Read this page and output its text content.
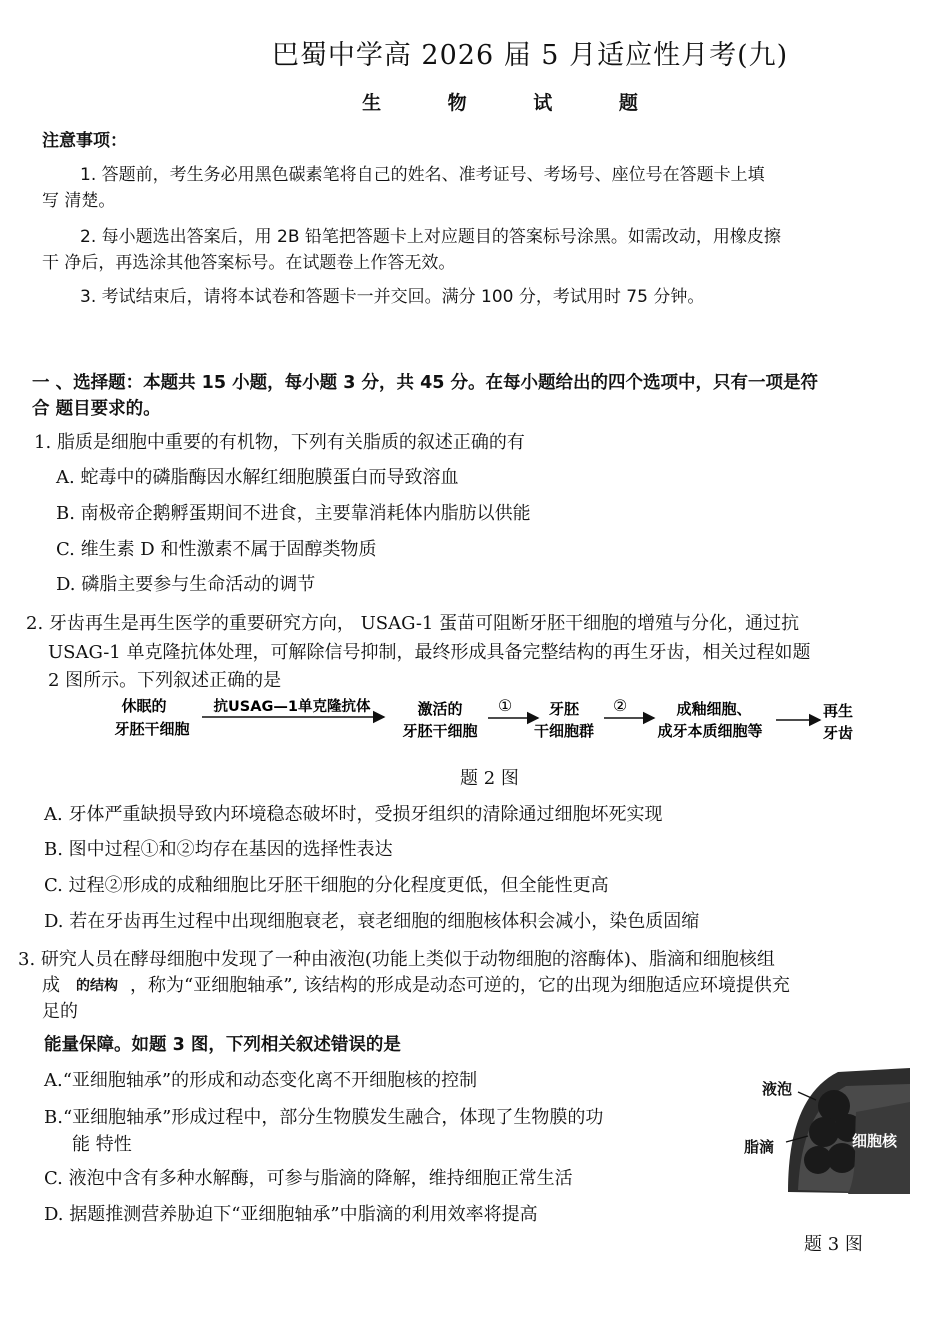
巴蜀中学高 2026 届 5 月适应性月考(九)
生 物 试 题
注意事项：
1. 答题前，考生务必用黑色碳素笔将自己的姓名、准考证号、考场号、座位号在答题卡上填
写 清楚。
2. 每小题选出答案后，用 2B 铅笔把答题卡上对应题目的答案标号涂黑。如需改动，用橡皮擦
干 净后，再选涂其他答案标号。在试题卷上作答无效。
3. 考试结束后，请将本试卷和答题卡一并交回。满分 100 分，考试用时 75 分钟。
一 、选择题：本题共 15 小题，每小题 3 分，共 45 分。在每小题给出的四个选项中，只有一项是符
合 题目要求的。
1. 脂质是细胞中重要的有机物，下列有关脂质的叙述正确的有
A. 蛇毒中的磷脂酶因水解红细胞膜蛋白而导致溶血
B. 南极帝企鹅孵蛋期间不进食，主要靠消耗体内脂肪以供能
C. 维生素 D 和性激素不属于固醇类物质
D. 磷脂主要参与生命活动的调节
2. 牙齿再生是再生医学的重要研究方向， USAG-1 蛋苗可阻断牙胚干细胞的增殖与分化，通过抗
USAG-1 单克隆抗体处理，可解除信号抑制，最终形成具备完整结构的再生牙齿，相关过程如题
2 图所示。下列叙述正确的是
休眠的
牙胚干细胞
抗USAG—1单克隆抗体	激活的
牙胚干细胞
① 牙胚
干细胞群
②	成釉细胞、
成牙本质细胞等
再生
牙齿
题 2 图
A. 牙体严重缺损导致内环境稳态破坏时，受损牙组织的清除通过细胞坏死实现
B. 图中过程①和②均存在基因的选择性表达
C. 过程②形成的成釉细胞比牙胚干细胞的分化程度更低，但全能性更高
D. 若在牙齿再生过程中出现细胞衰老，衰老细胞的细胞核体积会减小，染色质固缩
3. 研究人员在酵母细胞中发现了一种由液泡(功能上类似于动物细胞的溶酶体)、脂滴和细胞核组
成 的结构 ，称为“亚细胞轴承”, 该结构的形成是动态可逆的，它的出现为细胞适应环境提供充
足的
能量保障。如题 3 图，下列相关叙述错误的是
A.“亚细胞轴承”的形成和动态变化离不开细胞核的控制
B.“亚细胞轴承”形成过程中，部分生物膜发生融合，体现了生物膜的功
能 特性
C. 液泡中含有多种水解酶，可参与脂滴的降解，维持细胞正常生活
D. 据题推测营养胁迫下“亚细胞轴承”中脂滴的利用效率将提高
液泡
脂滴	细胞核
题 3 图
